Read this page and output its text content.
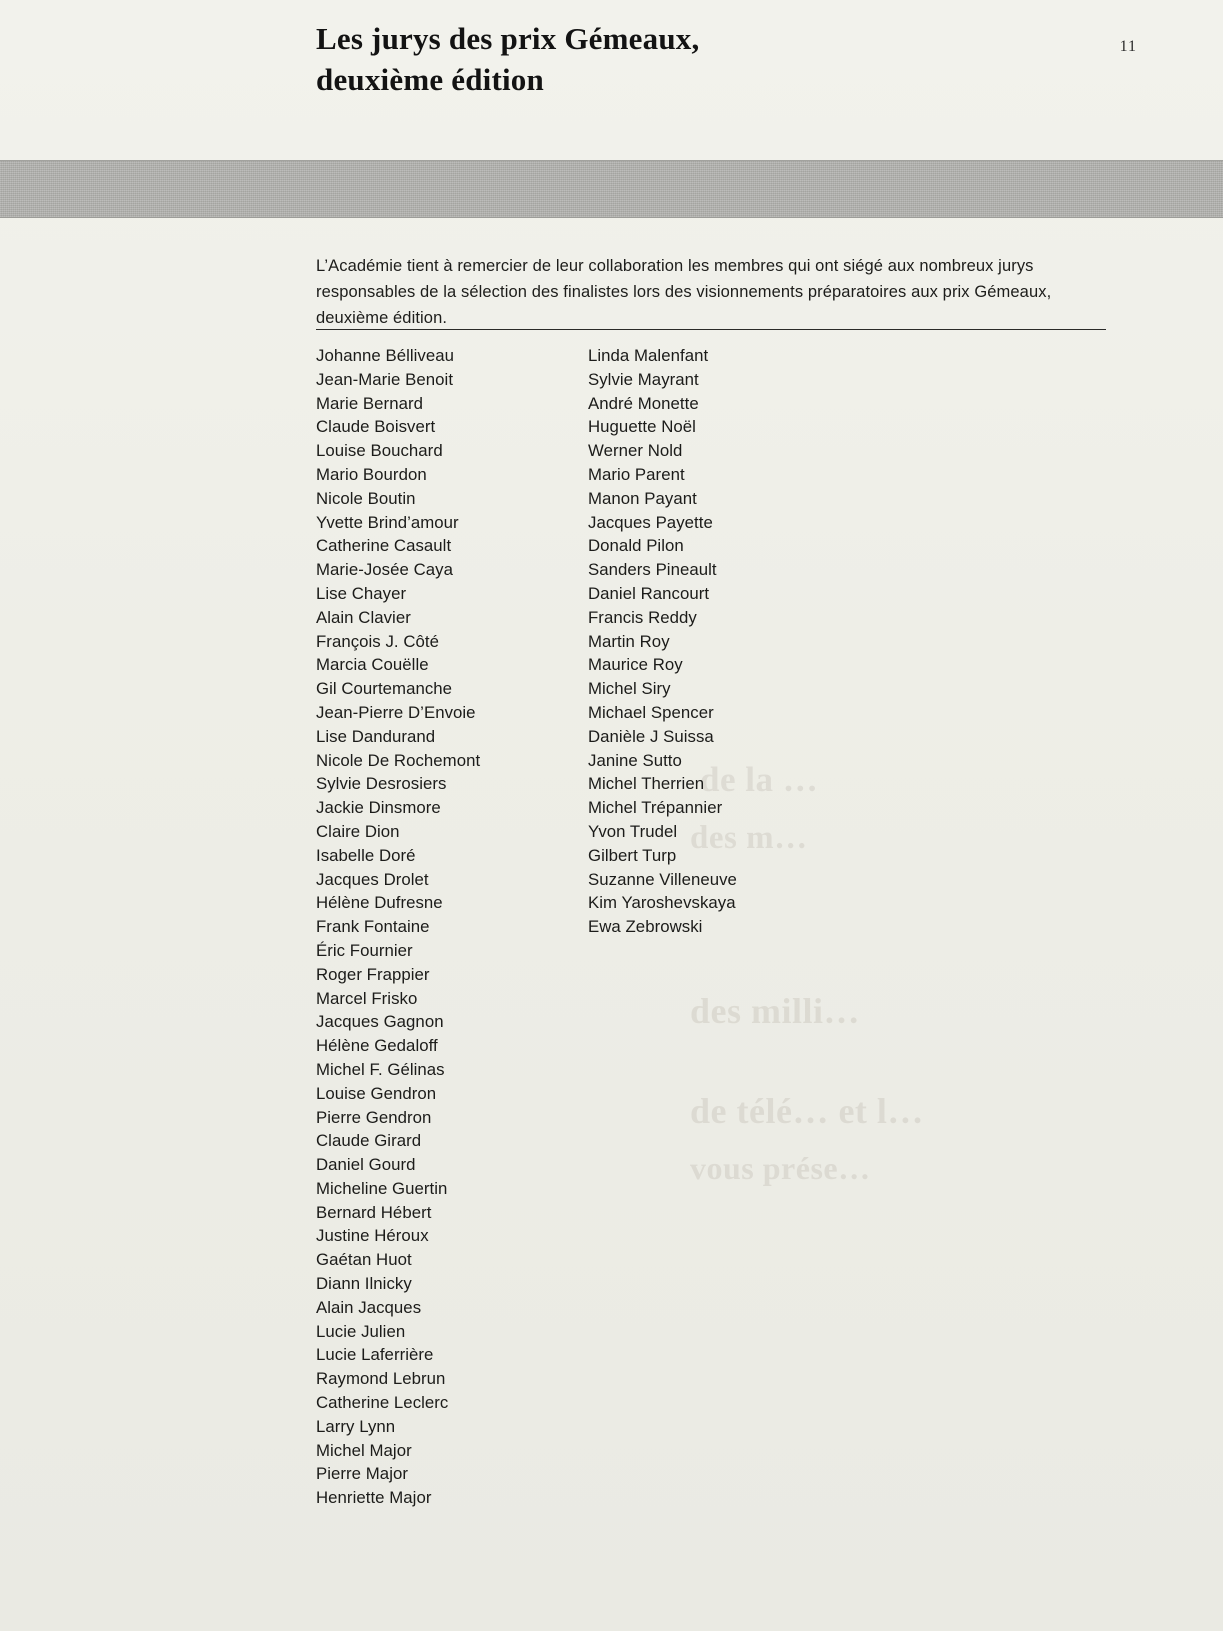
Les jurys des prix Gémeaux,
deuxième édition
11

L’Académie tient à remercier de leur collaboration les membres qui ont siégé aux nombreux jurys responsables de la sélection des finalistes lors des visionnements préparatoires aux prix Gémeaux, deuxième édition.

Johanne Bélliveau
Jean-Marie Benoit
Marie Bernard
Claude Boisvert
Louise Bouchard
Mario Bourdon
Nicole Boutin
Yvette Brind’amour
Catherine Casault
Marie-Josée Caya
Lise Chayer
Alain Clavier
François J. Côté
Marcia Couëlle
Gil Courtemanche
Jean-Pierre D’Envoie
Lise Dandurand
Nicole De Rochemont
Sylvie Desrosiers
Jackie Dinsmore
Claire Dion
Isabelle Doré
Jacques Drolet
Hélène Dufresne
Frank Fontaine
Éric Fournier
Roger Frappier
Marcel Frisko
Jacques Gagnon
Hélène Gedaloff
Michel F. Gélinas
Louise Gendron
Pierre Gendron
Claude Girard
Daniel Gourd
Micheline Guertin
Bernard Hébert
Justine Héroux
Gaétan Huot
Diann Ilnicky
Alain Jacques
Lucie Julien
Lucie Laferrière
Raymond Lebrun
Catherine Leclerc
Larry Lynn
Michel Major
Pierre Major
Henriette Major
Linda Malenfant
Sylvie Mayrant
André Monette
Huguette Noël
Werner Nold
Mario Parent
Manon Payant
Jacques Payette
Donald Pilon
Sanders Pineault
Daniel Rancourt
Francis Reddy
Martin Roy
Maurice Roy
Michel Siry
Michael Spencer
Danièle J Suissa
Janine Sutto
Michel Therrien
Michel Trépannier
Yvon Trudel
Gilbert Turp
Suzanne Villeneuve
Kim Yaroshevskaya
Ewa Zebrowski
